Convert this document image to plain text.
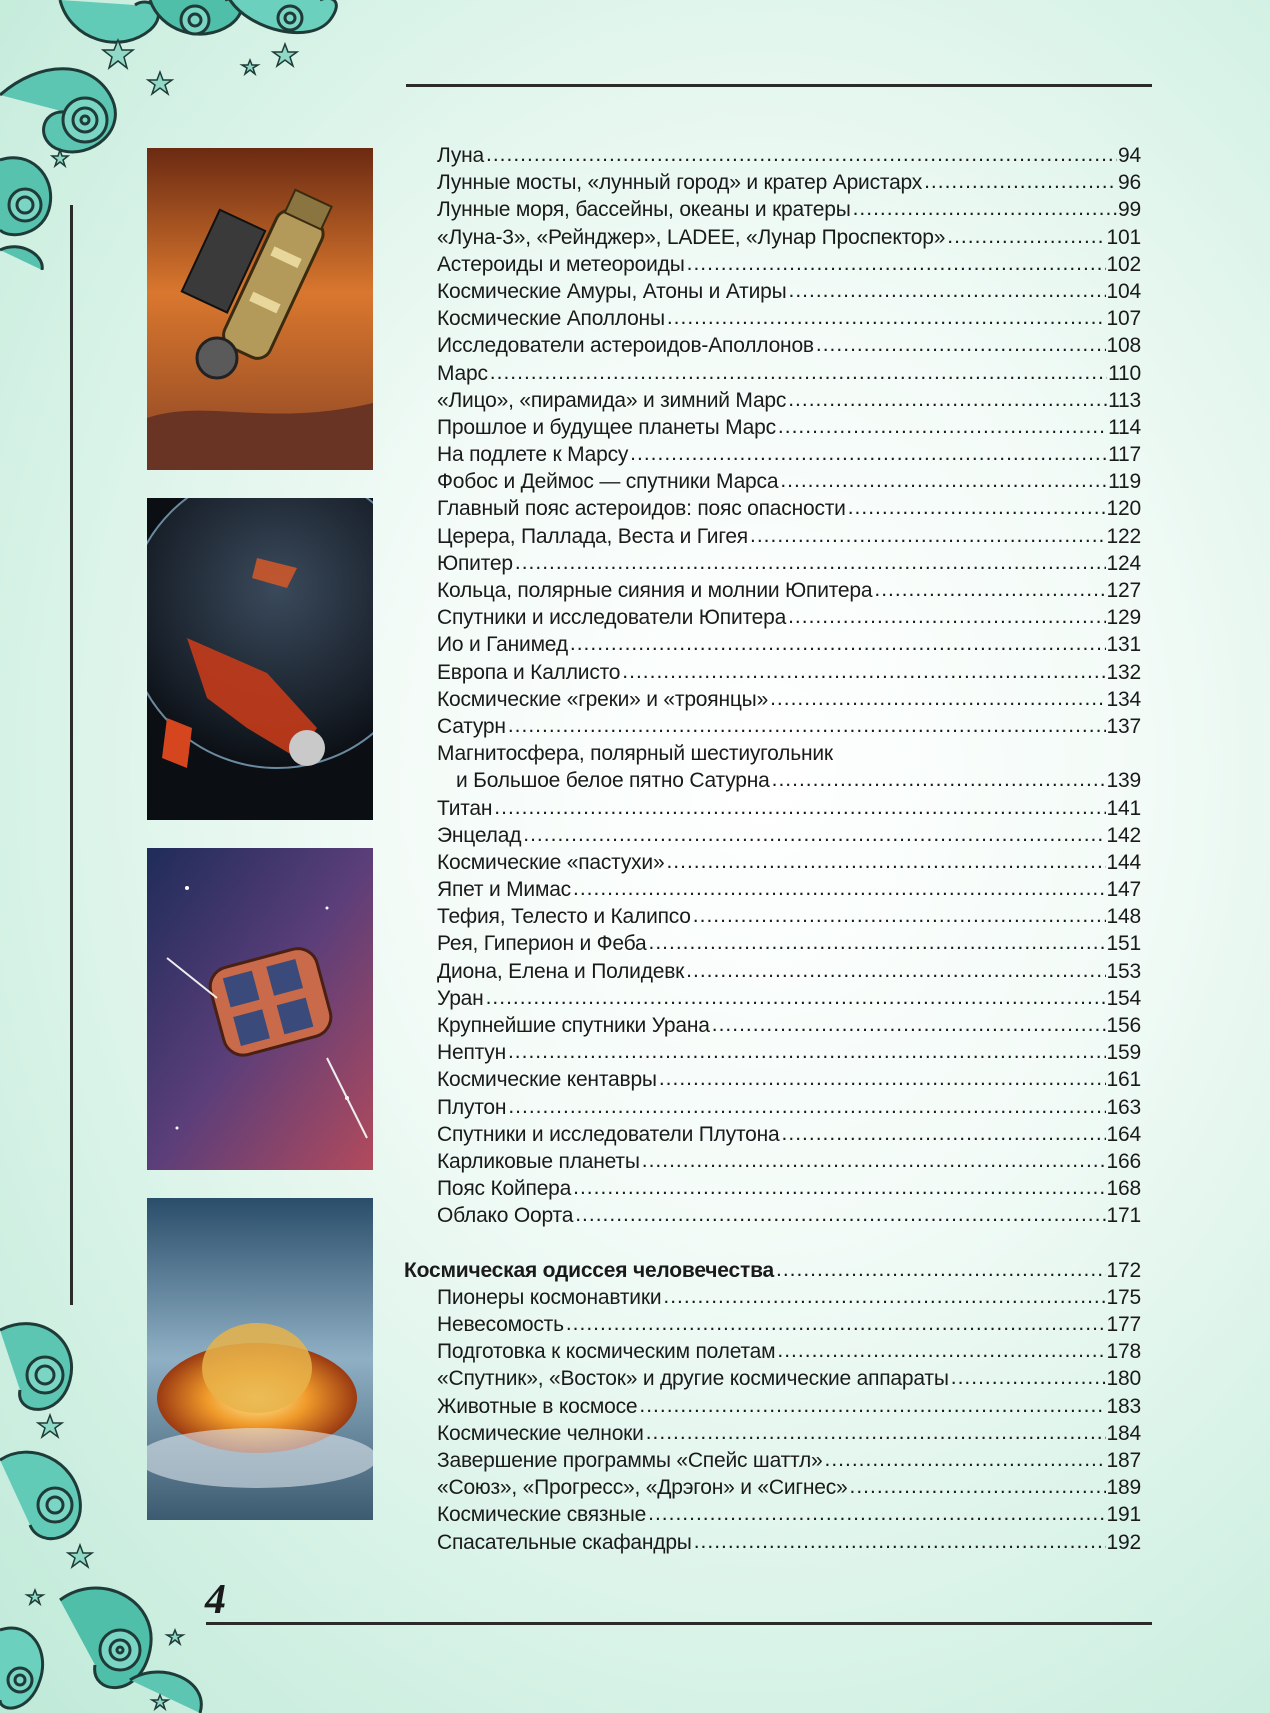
Луна .....	94
Лунные мосты, «лунный город» и кратер Аристарх .....	96
Лунные моря, бассейны, океаны и кратеры .....	99
«Луна-3», «Рейнджер», LADEE, «Лунар Проспектор» .....	101
Астероиды и метеороиды .....	102
Космические Амуры, Атоны и Атиры .....	104
Космические Аполлоны .....	107
Исследователи астероидов-Аполлонов .....	108
Марс .....	110
«Лицо», «пирамида» и зимний Марс .....	113
Прошлое и будущее планеты Марс .....	114
На подлете к Марсу .....	117
Фобос и Деймос — спутники Марса .....	119
Главный пояс астероидов: пояс опасности .....	120
Церера, Паллада, Веста и Гигея .....	122
Юпитер .....	124
Кольца, полярные сияния и молнии Юпитера .....	127
Спутники и исследователи Юпитера .....	129
Ио и Ганимед .....	131
Европа и Каллисто .....	132
Космические «греки» и «троянцы» .....	134
Сатурн .....	137
Магнитосфера, полярный шестиугольник
и Большое белое пятно Сатурна .....	139
Титан .....	141
Энцелад .....	142
Космические «пастухи» .....	144
Япет и Мимас .....	147
Тефия, Телесто и Калипсо .....	148
Рея, Гиперион и Феба .....	151
Диона, Елена и Полидевк .....	153
Уран .....	154
Крупнейшие спутники Урана .....	156
Нептун .....	159
Космические кентавры .....	161
Плутон .....	163
Спутники и исследователи Плутона .....	164
Карликовые планеты .....	166
Пояс Койпера .....	168
Облако Оорта .....	171
Космическая одиссея человечества .....	172
Пионеры космонавтики .....	175
Невесомость .....	177
Подготовка к космическим полетам .....	178
«Спутник», «Восток» и другие космические аппараты .....	180
Животные в космосе .....	183
Космические челноки .....	184
Завершение программы «Спейс шаттл» .....	187
«Союз», «Прогресс», «Дрэгон» и «Сигнес» .....	189
Космические связные .....	191
Спасательные скафандры .....	192
4
